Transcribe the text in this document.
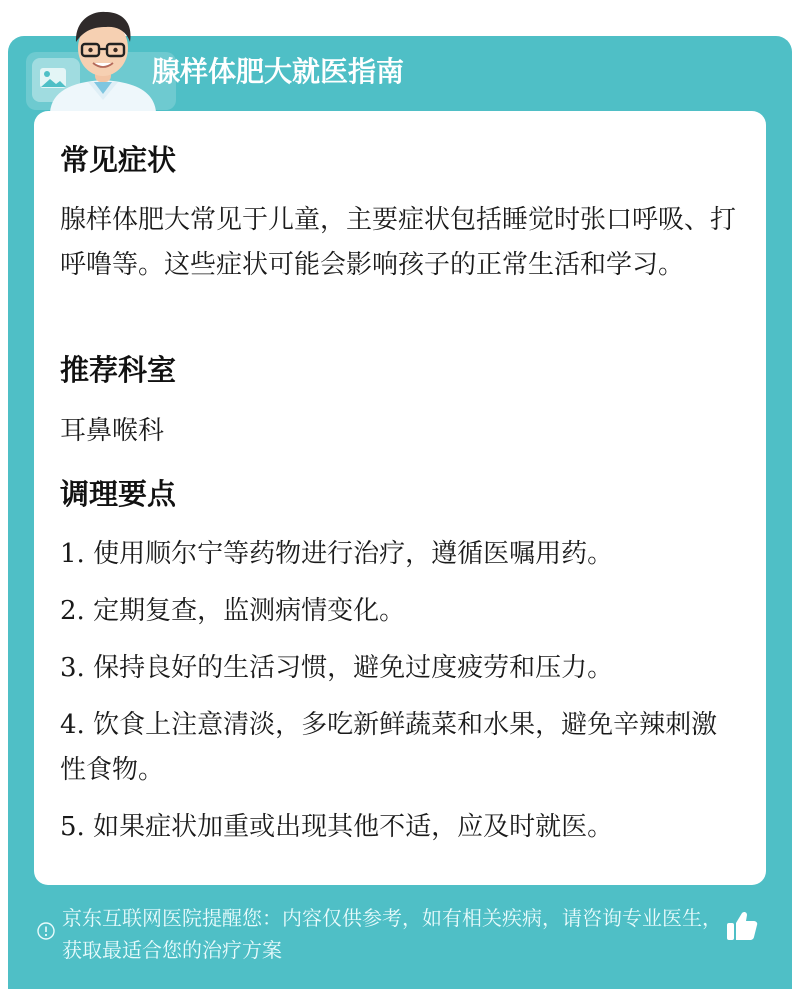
腺样体肥大就医指南
常见症状
腺样体肥大常见于儿童，主要症状包括睡觉时张口呼吸、打呼噜等。这些症状可能会影响孩子的正常生活和学习。
推荐科室
耳鼻喉科
调理要点
1. 使用顺尔宁等药物进行治疗，遵循医嘱用药。
2. 定期复查，监测病情变化。
3. 保持良好的生活习惯，避免过度疲劳和压力。
4. 饮食上注意清淡，多吃新鲜蔬菜和水果，避免辛辣刺激性食物。
5. 如果症状加重或出现其他不适，应及时就医。
京东互联网医院提醒您：内容仅供参考，如有相关疾病，请咨询专业医生，获取最适合您的治疗方案
